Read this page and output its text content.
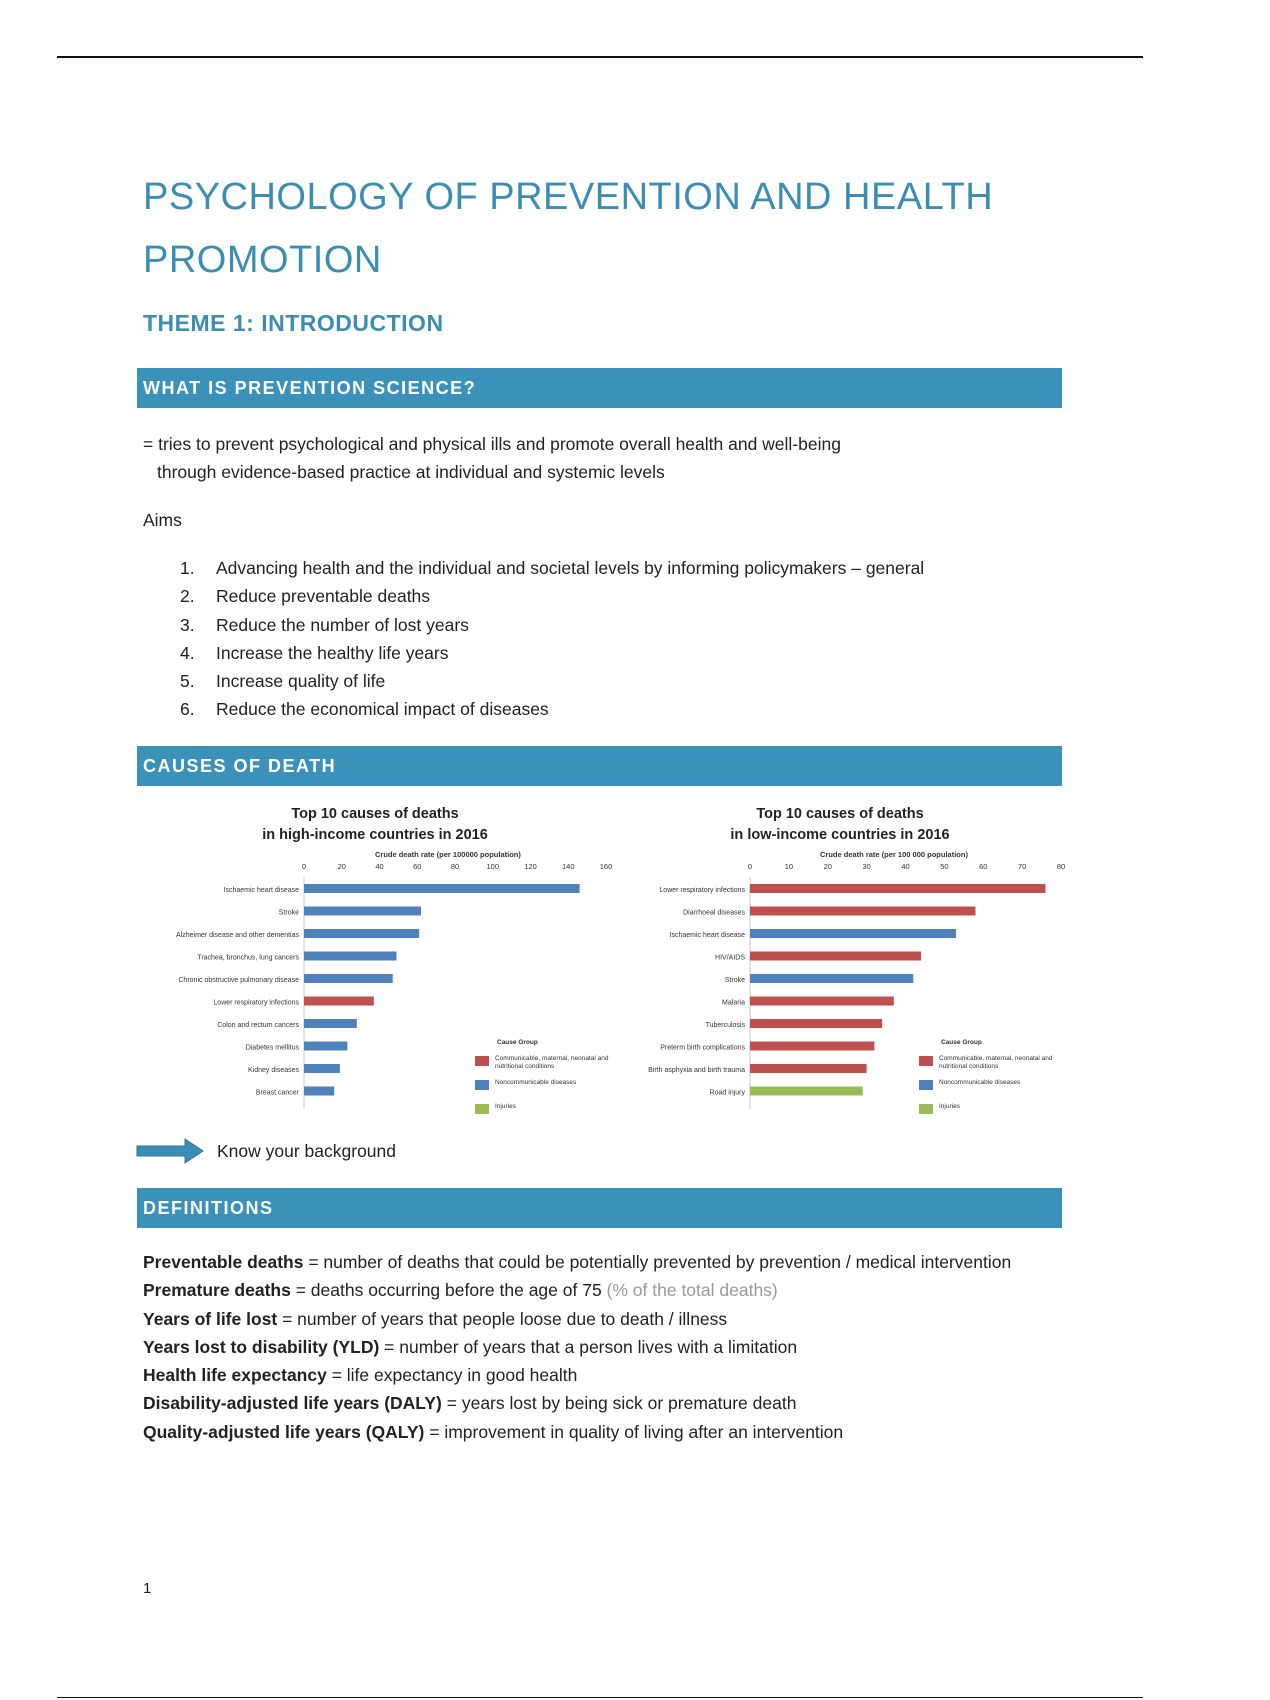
PSYCHOLOGY OF PREVENTION AND HEALTH PROMOTION
THEME 1: INTRODUCTION
WHAT IS PREVENTION SCIENCE?
= tries to prevent psychological and physical ills and promote overall health and well-being
through evidence-based practice at individual and systemic levels
Aims
1.	Advancing health and the individual and societal levels by informing policymakers – general
2.	Reduce preventable deaths
3.	Reduce the number of lost years
4.	Increase the healthy life years
5.	Increase quality of life
6.	Reduce the economical impact of diseases
CAUSES OF DEATH
Top 10 causes of deaths
in high-income countries in 2016
Crude death rate (per 100000 population)
0	20	40	60	80	100	120	140	160
Ischaemic heart disease
Stroke
Alzheimer disease and other dementias
Trachea, bronchus, lung cancers
Chronic obstructive pulmonary disease
Lower respiratory infections
Colon and rectum cancers
Diabetes mellitus
Kidney diseases
Breast cancer
Cause Group
Communicable, maternal, neonatal and nutritional conditions
Noncommunicable diseases
Injuries
Top 10 causes of deaths
in low-income countries in 2016
Crude death rate (per 100 000 population)
0	10	20	30	40	50	60	70	80
Lower respiratory infections
Diarrhoeal diseases
Ischaemic heart disease
HIV/AIDS
Stroke
Malaria
Tuberculosis
Preterm birth complications
Birth asphyxia and birth trauma
Road injury
Cause Group
Communicable, maternal, neonatal and nutritional conditions
Noncommunicable diseases
Injuries
Know your background
DEFINITIONS
Preventable deaths = number of deaths that could be potentially prevented by prevention / medical intervention
Premature deaths = deaths occurring before the age of 75 (% of the total deaths)
Years of life lost = number of years that people loose due to death / illness
Years lost to disability (YLD) = number of years that a person lives with a limitation
Health life expectancy = life expectancy in good health
Disability-adjusted life years (DALY) = years lost by being sick or premature death
Quality-adjusted life years (QALY) = improvement in quality of living after an intervention
1
